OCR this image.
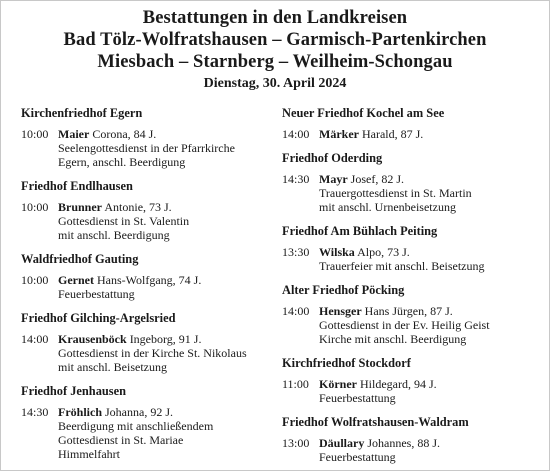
Bestattungen in den Landkreisen
Bad Tölz-Wolfratshausen – Garmisch-Partenkirchen
Miesbach – Starnberg – Weilheim-Schongau
Dienstag, 30. April 2024
Kirchenfriedhof Egern
10:00 Maier Corona, 84 J.
Seelengottesdienst in der Pfarrkirche
Egern, anschl. Beerdigung
Friedhof Endlhausen
10:00 Brunner Antonie, 73 J.
Gottesdienst in St. Valentin
mit anschl. Beerdigung
Waldfriedhof Gauting
10:00 Gernet Hans-Wolfgang, 74 J.
Feuerbestattung
Friedhof Gilching-Argelsried
14:00 Krausenböck Ingeborg, 91 J.
Gottesdienst in der Kirche St. Nikolaus
mit anschl. Beisetzung
Friedhof Jenhausen
14:30 Fröhlich Johanna, 92 J.
Beerdigung mit anschließendem
Gottesdienst in St. Mariae
Himmelfahrt
Neuer Friedhof Kochel am See
14:00 Märker Harald, 87 J.
Friedhof Oderding
14:30 Mayr Josef, 82 J.
Trauergottesdienst in St. Martin
mit anschl. Urnenbeisetzung
Friedhof Am Bühlach Peiting
13:30 Wilska Alpo, 73 J.
Trauerfeier mit anschl. Beisetzung
Alter Friedhof Pöcking
14:00 Hensger Hans Jürgen, 87 J.
Gottesdienst in der Ev. Heilig Geist
Kirche mit anschl. Beerdigung
Kirchfriedhof Stockdorf
11:00 Körner Hildegard, 94 J.
Feuerbestattung
Friedhof Wolfratshausen-Waldram
13:00 Däullary Johannes, 88 J.
Feuerbestattung
